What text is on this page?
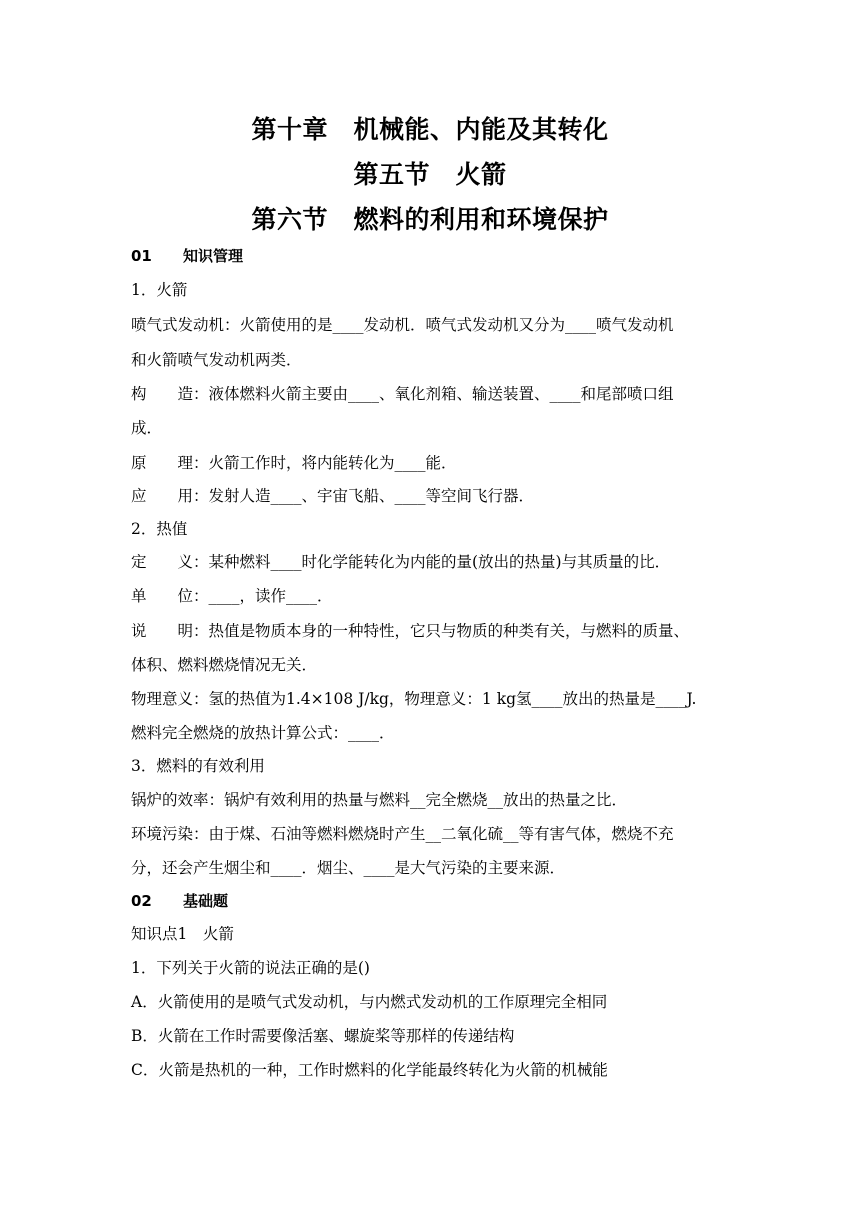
第十章　机械能、内能及其转化
第五节　火箭
第六节　燃料的利用和环境保护
01 知识管理
1．火箭
喷气式发动机：火箭使用的是____发动机．喷气式发动机又分为____喷气发动机
和火箭喷气发动机两类．
构　　造：液体燃料火箭主要由____、氧化剂箱、输送装置、____和尾部喷口组
成．
原　　理：火箭工作时，将内能转化为____能．
应　　用：发射人造____、宇宙飞船、____等空间飞行器．
2．热值
定　　义：某种燃料____时化学能转化为内能的量(放出的热量)与其质量的比．
单　　位：____，读作____．
说　　明：热值是物质本身的一种特性，它只与物质的种类有关，与燃料的质量、
体积、燃料燃烧情况无关．
物理意义：氢的热值为1.4×108 J/kg，物理意义：1 kg氢____放出的热量是____J.
燃料完全燃烧的放热计算公式：____．
3．燃料的有效利用
锅炉的效率：锅炉有效利用的热量与燃料__完全燃烧__放出的热量之比．
环境污染：由于煤、石油等燃料燃烧时产生__二氧化硫__等有害气体，燃烧不充
分，还会产生烟尘和____．烟尘、____是大气污染的主要来源．
02 基础题
知识点1　火箭
1．下列关于火箭的说法正确的是()
A．火箭使用的是喷气式发动机，与内燃式发动机的工作原理完全相同
B．火箭在工作时需要像活塞、螺旋桨等那样的传递结构
C．火箭是热机的一种，工作时燃料的化学能最终转化为火箭的机械能
